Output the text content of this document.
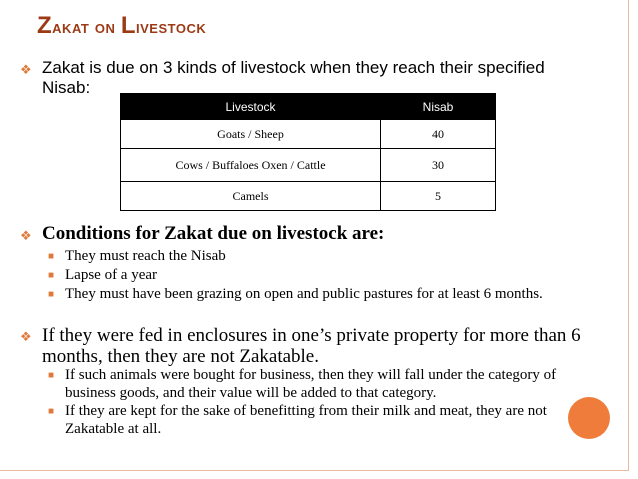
Zakat on Livestock
❖ Zakat is due on 3 kinds of livestock when they reach their specified Nisab:

Livestock	Nisab
Goats / Sheep	40
Cows / Buffaloes Oxen / Cattle	30
Camels	5
❖ Conditions for Zakat due on livestock are:

■ They must reach the Nisab

■ Lapse of a year

■ They must have been grazing on open and public pastures for at least 6 months.

❖ If they were fed in enclosures in one’s private property for more than 6 months, then they are not Zakatable.

■ If such animals were bought for business, then they will fall under the category of business goods, and their value will be added to that category.

■ If they are kept for the sake of benefitting from their milk and meat, they are not Zakatable at all.
